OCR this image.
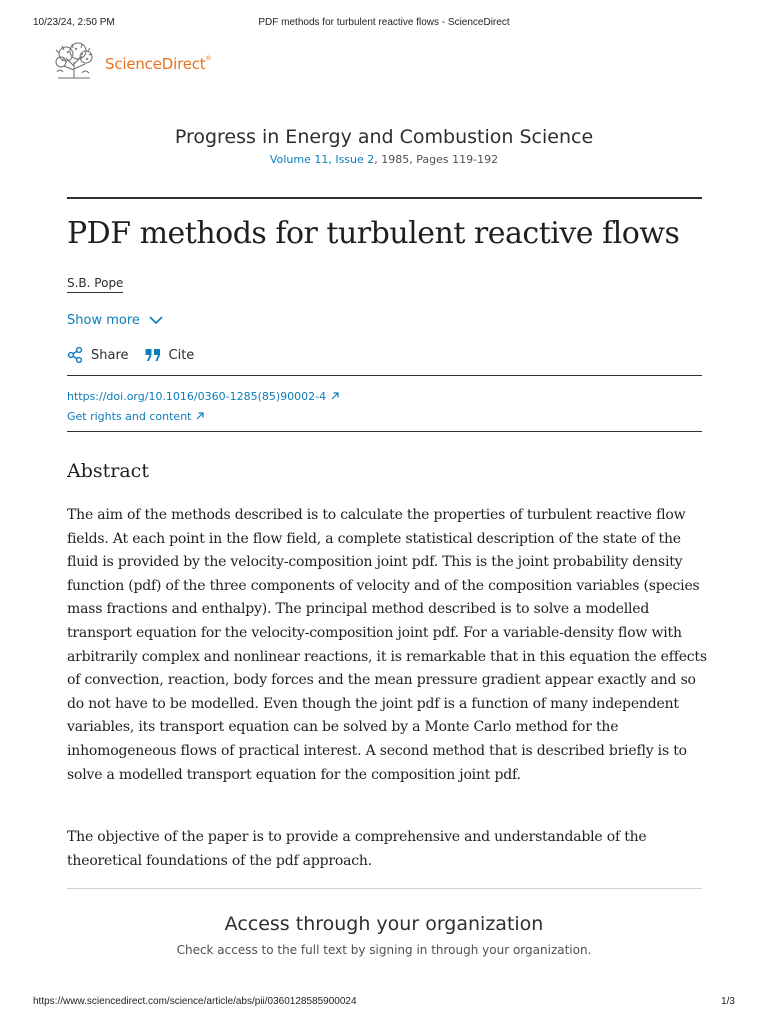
10/23/24, 2:50 PM	PDF methods for turbulent reactive flows - ScienceDirect
ScienceDirect®
Progress in Energy and Combustion Science
Volume 11, Issue 2, 1985, Pages 119-192
PDF methods for turbulent reactive flows
S.B. Pope
Show more
Share	Cite
https://doi.org/10.1016/0360-1285(85)90002-4
Get rights and content
Abstract

The aim of the methods described is to calculate the properties of turbulent reactive flow fields. At each point in the flow field, a complete statistical description of the state of the fluid is provided by the velocity-composition joint pdf. This is the joint probability density function (pdf) of the three components of velocity and of the composition variables (species mass fractions and enthalpy). The principal method described is to solve a modelled transport equation for the velocity-composition joint pdf. For a variable-density flow with arbitrarily complex and nonlinear reactions, it is remarkable that in this equation the effects of convection, reaction, body forces and the mean pressure gradient appear exactly and so do not have to be modelled. Even though the joint pdf is a function of many independent variables, its transport equation can be solved by a Monte Carlo method for the inhomogeneous flows of practical interest. A second method that is described briefly is to solve a modelled transport equation for the composition joint pdf.

The objective of the paper is to provide a comprehensive and understandable of the theoretical foundations of the pdf approach.

Access through your organization
Check access to the full text by signing in through your organization.
https://www.sciencedirect.com/science/article/abs/pii/0360128585900024	1/3
